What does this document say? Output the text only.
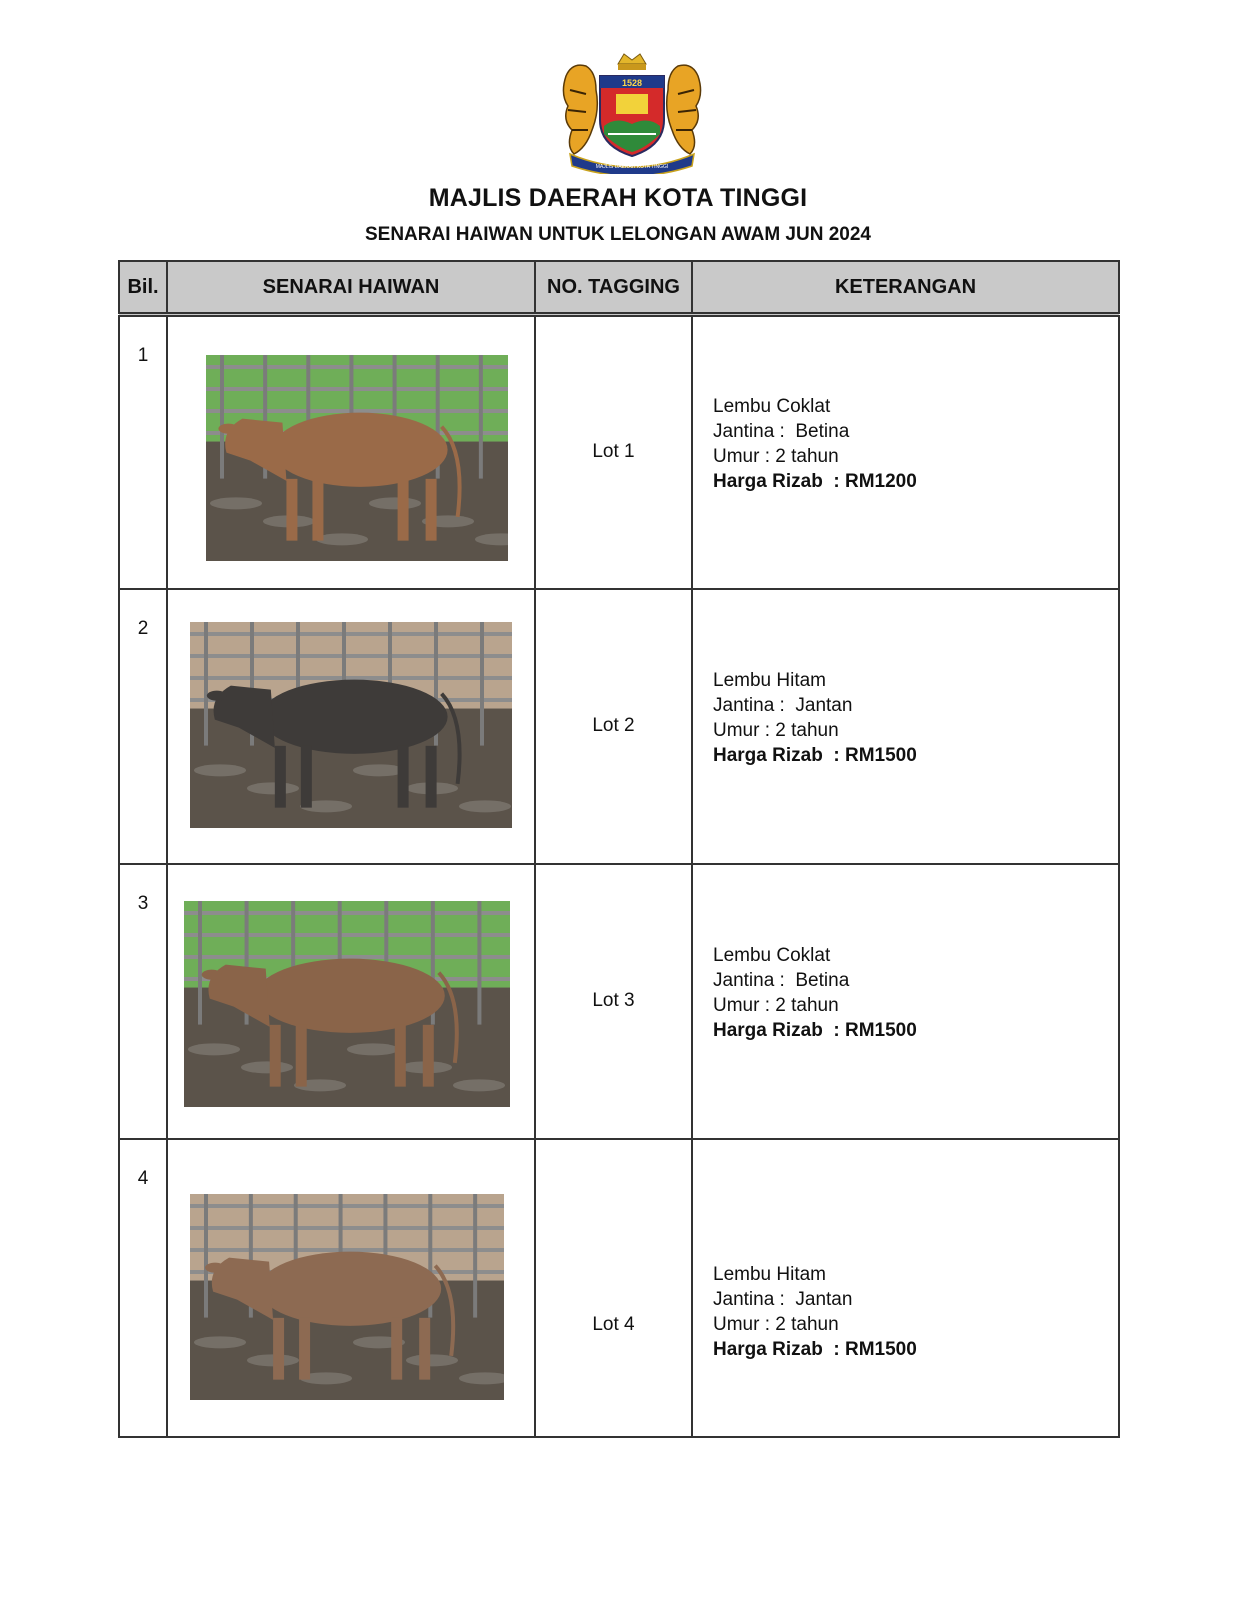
1528
MAJLIS DAERAH KOTA TINGGI
MAJLIS DAERAH KOTA TINGGI
SENARAI HAIWAN UNTUK LELONGAN AWAM JUN 2024
Bil.	SENARAI HAIWAN	NO. TAGGING	KETERANGAN
1		Lot 1	Lembu Coklat
Jantina :  Betina
Umur : 2 tahun
Harga Rizab  : RM1200

2		Lot 2	Lembu Hitam
Jantina :  Jantan
Umur : 2 tahun
Harga Rizab  : RM1500

3		Lot 3	Lembu Coklat
Jantina :  Betina
Umur : 2 tahun
Harga Rizab  : RM1500

4		Lot 4	Lembu Hitam
Jantina :  Jantan
Umur : 2 tahun
Harga Rizab  : RM1500
